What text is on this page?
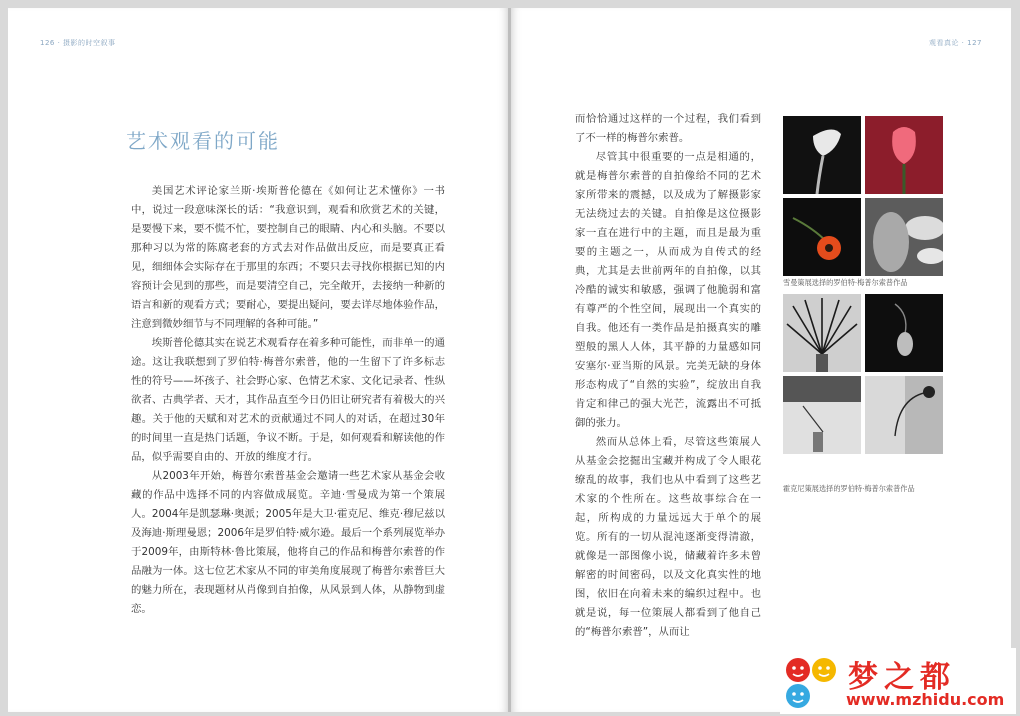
126 · 摄影的时空叙事	观看真论 · 127
艺术观看的可能

美国艺术评论家兰斯·埃斯普伦德在《如何让艺术懂你》一书中，说过一段意味深长的话：“我意识到，观看和欣赏艺术的关键，是要慢下来，要不慌不忙，要控制自己的眼睛、内心和头脑。不要以那种习以为常的陈腐老套的方式去对作品做出反应，而是要真正看见，细细体会实际存在于那里的东西；不要只去寻找你根据已知的内容预计会见到的那些，而是要清空自己，完全敞开，去接纳一种新的语言和新的观看方式；要耐心，要提出疑问，要去详尽地体验作品，注意到微妙细节与不同理解的各种可能。”

埃斯普伦德其实在说艺术观看存在着多种可能性，而非单一的通途。这让我联想到了罗伯特·梅普尔索普，他的一生留下了许多标志性的符号——坏孩子、社会野心家、色情艺术家、文化记录者、性纵欲者、古典学者、天才，其作品直至今日仍旧让研究者有着极大的兴趣。关于他的天赋和对艺术的贡献通过不同人的对话，在超过30年的时间里一直是热门话题，争议不断。于是，如何观看和解读他的作品，似乎需要自由的、开放的维度才行。

从2003年开始，梅普尔索普基金会邀请一些艺术家从基金会收藏的作品中选择不同的内容做成展览。辛迪·雪曼成为第一个策展人。2004年是凯瑟琳·奥派；2005年是大卫·霍克尼、维克·穆尼兹以及海迪·斯理曼恩；2006年是罗伯特·威尔逊。最后一个系列展览举办于2009年，由斯特林·鲁比策展，他将自己的作品和梅普尔索普的作品融为一体。这七位艺术家从不同的审美角度展现了梅普尔索普巨大的魅力所在，表现题材从肖像到自拍像，从风景到人体，从静物到虚恋。

而恰恰通过这样的一个过程，我们看到了不一样的梅普尔索普。

尽管其中很重要的一点是相通的，就是梅普尔索普的自拍像给不同的艺术家所带来的震撼，以及成为了解摄影家无法绕过去的关键。自拍像是这位摄影家一直在进行中的主题，而且是最为重要的主题之一，从而成为自传式的经典，尤其是去世前两年的自拍像，以其冷酷的诚实和敏感，强调了他脆弱和富有尊严的个性空间，展现出一个真实的自我。他还有一类作品是拍摄真实的雕塑般的黑人人体，其平静的力量感如同安塞尔·亚当斯的风景。完美无缺的身体形态构成了“自然的实验”，绽放出自我肯定和律己的强大光芒，流露出不可抵御的张力。

然而从总体上看，尽管这些策展人从基金会挖掘出宝藏并构成了令人眼花缭乱的故事，我们也从中看到了这些艺术家的个性所在。这些故事综合在一起，所构成的力量远远大于单个的展览。所有的一切从混沌逐渐变得清澈，就像是一部图像小说，储藏着许多未曾解密的时间密码，以及文化真实性的地图，依旧在向着未来的编织过程中。也就是说，每一位策展人都看到了他自己的“梅普尔索普”，从而让

雪曼策展选择的罗伯特·梅普尔索普作品
霍克尼策展选择的罗伯特·梅普尔索普作品
梦之都
www.mzhidu.com
